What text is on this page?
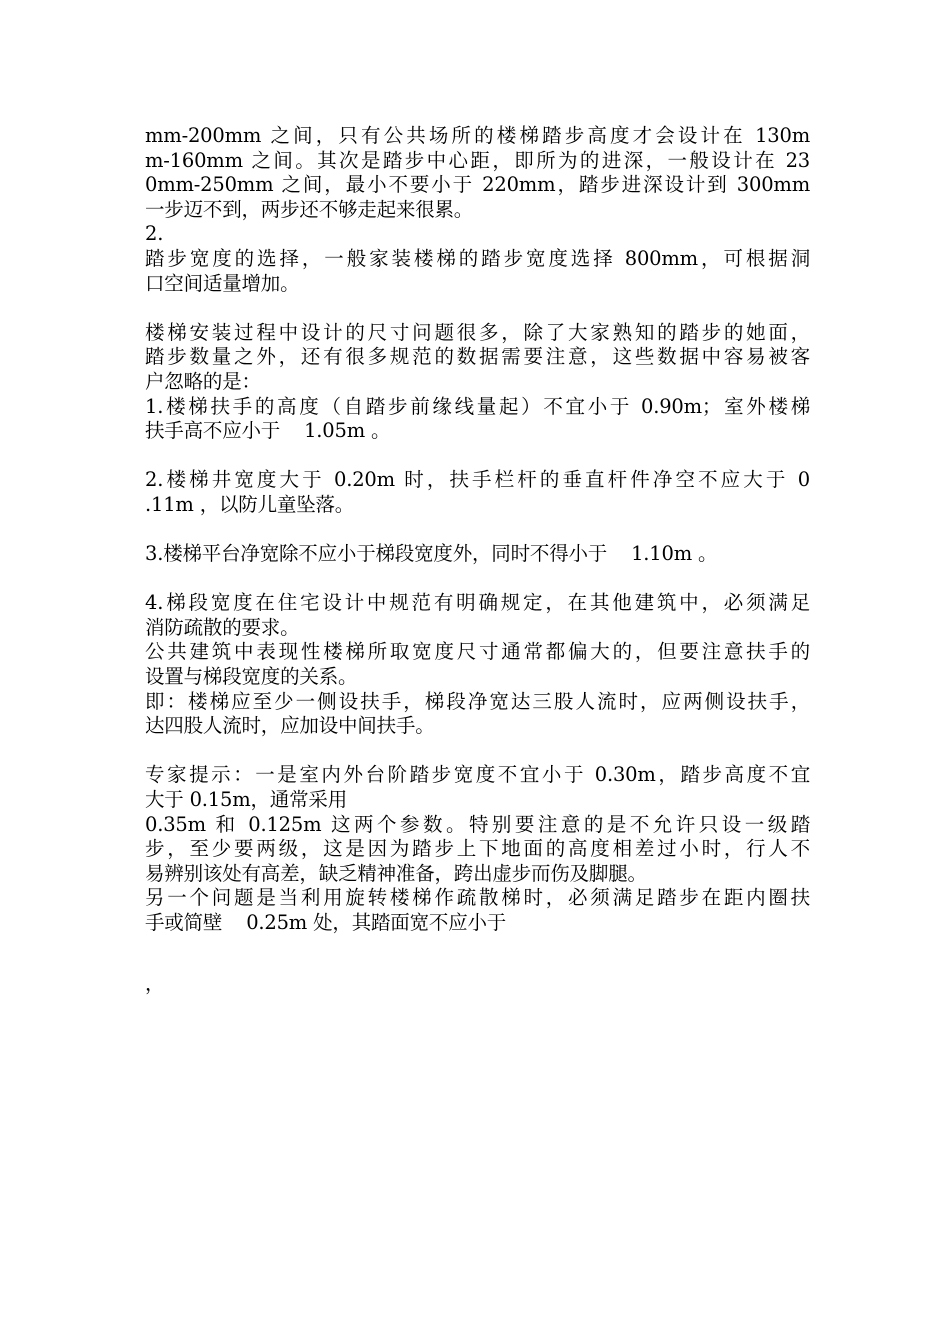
mm-200mm 之间，只有公共场所的楼梯踏步高度才会设计在 130m
m-160mm 之间。其次是踏步中心距，即所为的进深，一般设计在 23
0mm-250mm 之间，最小不要小于 220mm，踏步进深设计到 300mm
一步迈不到，两步还不够走起来很累。
2.
踏步宽度的选择，一般家装楼梯的踏步宽度选择 800mm，可根据洞
口空间适量增加。
楼梯安装过程中设计的尺寸问题很多，除了大家熟知的踏步的她面，
踏步数量之外，还有很多规范的数据需要注意，这些数据中容易被客
户忽略的是：
1.楼梯扶手的高度（自踏步前缘线量起）不宜小于 0.90m；室外楼梯
扶手高不应小于    1.05m 。
2.楼梯井宽度大于 0.20m 时，扶手栏杆的垂直杆件净空不应大于 0
.11m ，以防儿童坠落。
3.楼梯平台净宽除不应小于梯段宽度外，同时不得小于    1.10m 。
4.梯段宽度在住宅设计中规范有明确规定，在其他建筑中，必须满足
消防疏散的要求。
公共建筑中表现性楼梯所取宽度尺寸通常都偏大的，但要注意扶手的
设置与梯段宽度的关系。
即：楼梯应至少一侧设扶手，梯段净宽达三股人流时，应两侧设扶手，
达四股人流时，应加设中间扶手。
专家提示：一是室内外台阶踏步宽度不宜小于 0.30m，踏步高度不宜
大于 0.15m，通常采用
0.35m 和 0.125m 这两个参数。特别要注意的是不允许只设一级踏
步，至少要两级，这是因为踏步上下地面的高度相差过小时，行人不
易辨别该处有高差，缺乏精神准备，跨出虚步而伤及脚腿。
另一个问题是当利用旋转楼梯作疏散梯时，必须满足踏步在距内圈扶
手或简壁    0.25m 处，其踏面宽不应小于
，
